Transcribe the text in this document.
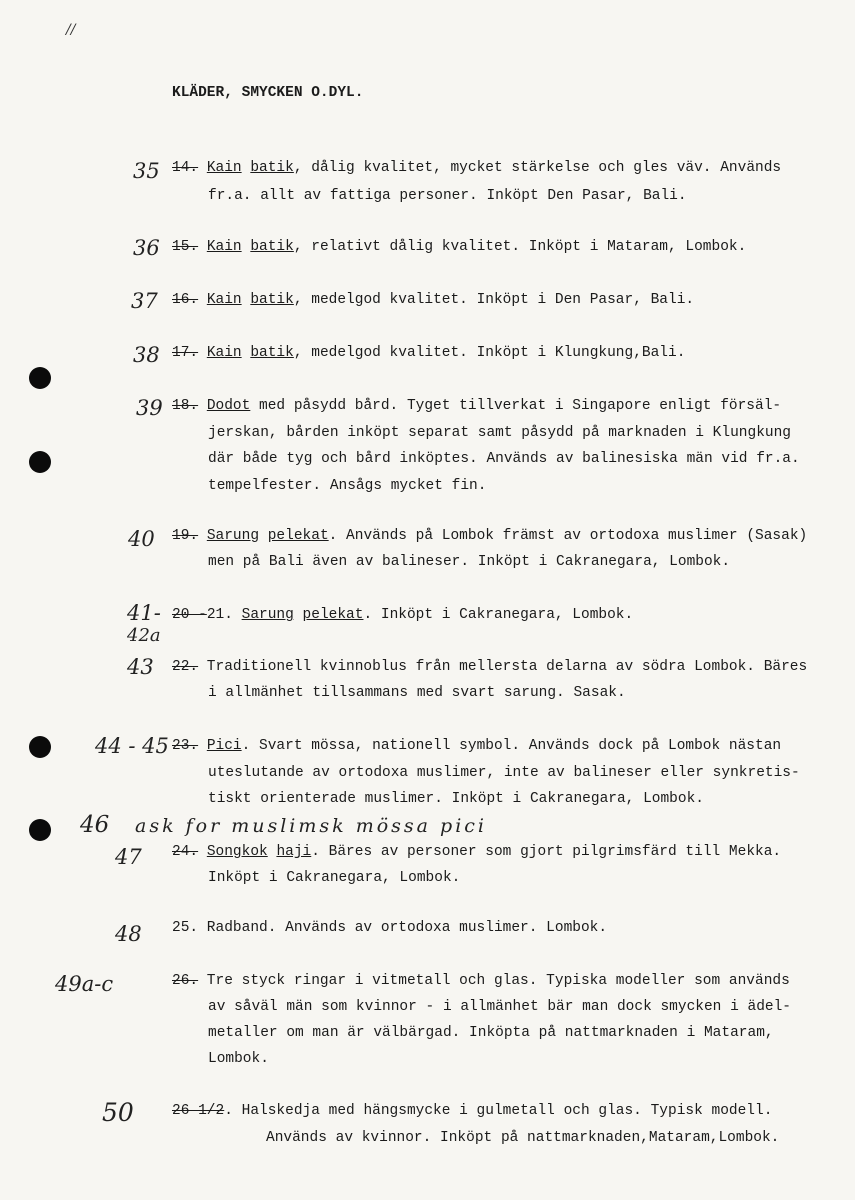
//
KLÄDER, SMYCKEN O.DYL.
35 14. Kain batik, dålig kvalitet, mycket stärkelse och gles väv. Används
fr.a. allt av fattiga personer. Inköpt Den Pasar, Bali.
36 15. Kain batik, relativt dålig kvalitet. Inköpt i Mataram, Lombok.
37 16. Kain batik, medelgod kvalitet. Inköpt i Den Pasar, Bali.
38 17. Kain batik, medelgod kvalitet. Inköpt i Klungkung,Bali.
39 18. Dodot med påsydd bård. Tyget tillverkat i Singapore enligt försäl-
jerskan, bården inköpt separat samt påsydd på marknaden i Klungkung
där både tyg och bård inköptes. Används av balinesiska män vid fr.a.
tempelfester. Ansågs mycket fin.
40 19. Sarung pelekat. Används på Lombok främst av ortodoxa muslimer (Sasak)
men på Bali även av balineser. Inköpt i Cakranegara, Lombok.
41- 20 -21. Sarung pelekat. Inköpt i Cakranegara, Lombok.
42a
43 22. Traditionell kvinnoblus från mellersta delarna av södra Lombok. Bäres
i allmänhet tillsammans med svart sarung. Sasak.
44 - 45 23. Pici. Svart mössa, nationell symbol. Används dock på Lombok nästan
uteslutande av ortodoxa muslimer, inte av balineser eller synkretis-
tiskt orienterade muslimer. Inköpt i Cakranegara, Lombok.
46 ask for muslimsk mössa pici
47 24. Songkok haji. Bäres av personer som gjort pilgrimsfärd till Mekka.
Inköpt i Cakranegara, Lombok.
48 25. Radband. Används av ortodoxa muslimer. Lombok.
49a-c	26. Tre styck ringar i vitmetall och glas. Typiska modeller som används
av såväl män som kvinnor - i allmänhet bär man dock smycken i ädel-
metaller om man är välbärgad. Inköpta på nattmarknaden i Mataram,
Lombok.
50	26 1/2. Halskedja med hängsmycke i gulmetall och glas. Typisk modell.
Används av kvinnor. Inköpt på nattmarknaden,Mataram,Lombok.
